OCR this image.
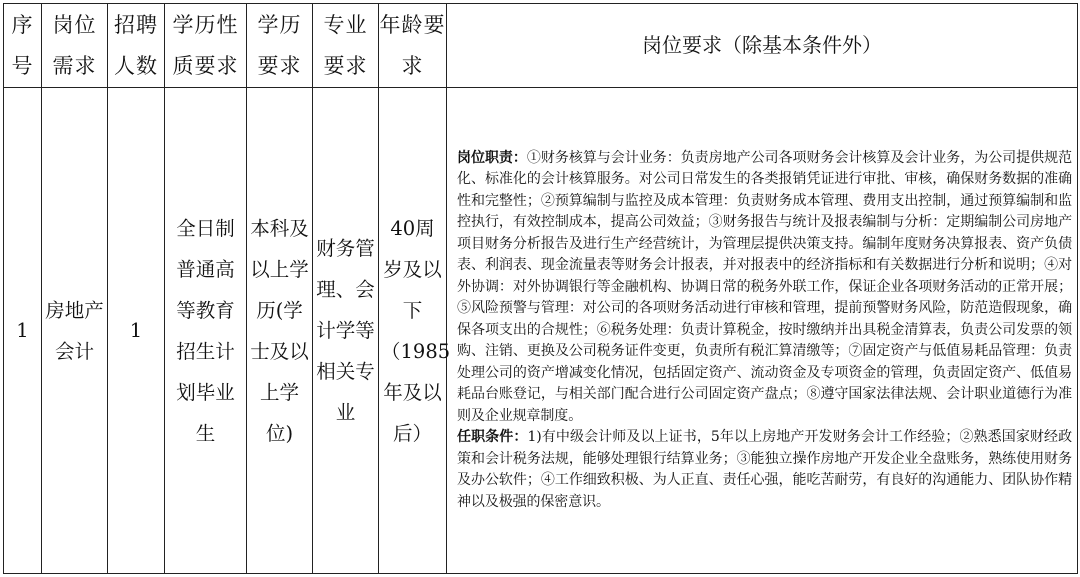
序号	岗位需求	招聘人数	学历性质要求	学历要求	专业要求	年龄要求	岗位要求（除基本条件外）
1	房地产会计	1	全日制普通高等教育招生计划毕业生	本科及以上学历(学士及以上学位)	财务管理、会计学等相关专业	40周岁及以下（1985年及以后）	岗位职责：①财务核算与会计业务：负责房地产公司各项财务会计核算及会计业务，为公司提供规范化、标准化的会计核算服务。对公司日常发生的各类报销凭证进行审批、审核，确保财务数据的准确性和完整性；②预算编制与监控及成本管理：负责财务成本管理、费用支出控制，通过预算编制和监控执行，有效控制成本，提高公司效益；③财务报告与统计及报表编制与分析：定期编制公司房地产项目财务分析报告及进行生产经营统计，为管理层提供决策支持。编制年度财务决算报表、资产负债表、利润表、现金流量表等财务会计报表，并对报表中的经济指标和有关数据进行分析和说明；④对外协调：对外协调银行等金融机构、协调日常的税务外联工作，保证企业各项财务活动的正常开展；⑤风险预警与管理：对公司的各项财务活动进行审核和管理，提前预警财务风险，防范造假现象，确保各项支出的合规性；⑥税务处理：负责计算税金，按时缴纳并出具税金清算表，负责公司发票的领购、注销、更换及公司税务证件变更，负责所有税汇算清缴等；⑦固定资产与低值易耗品管理：负责处理公司的资产增减变化情况，包括固定资产、流动资金及专项资金的管理，负责固定资产、低值易耗品台账登记，与相关部门配合进行公司固定资产盘点；⑧遵守国家法律法规、会计职业道德行为准则及企业规章制度。
任职条件：1)有中级会计师及以上证书，5年以上房地产开发财务会计工作经验；②熟悉国家财经政策和会计税务法规，能够处理银行结算业务；③能独立操作房地产开发企业全盘账务，熟练使用财务及办公软件；④工作细致积极、为人正直、责任心强，能吃苦耐劳，有良好的沟通能力、团队协作精神以及极强的保密意识。
